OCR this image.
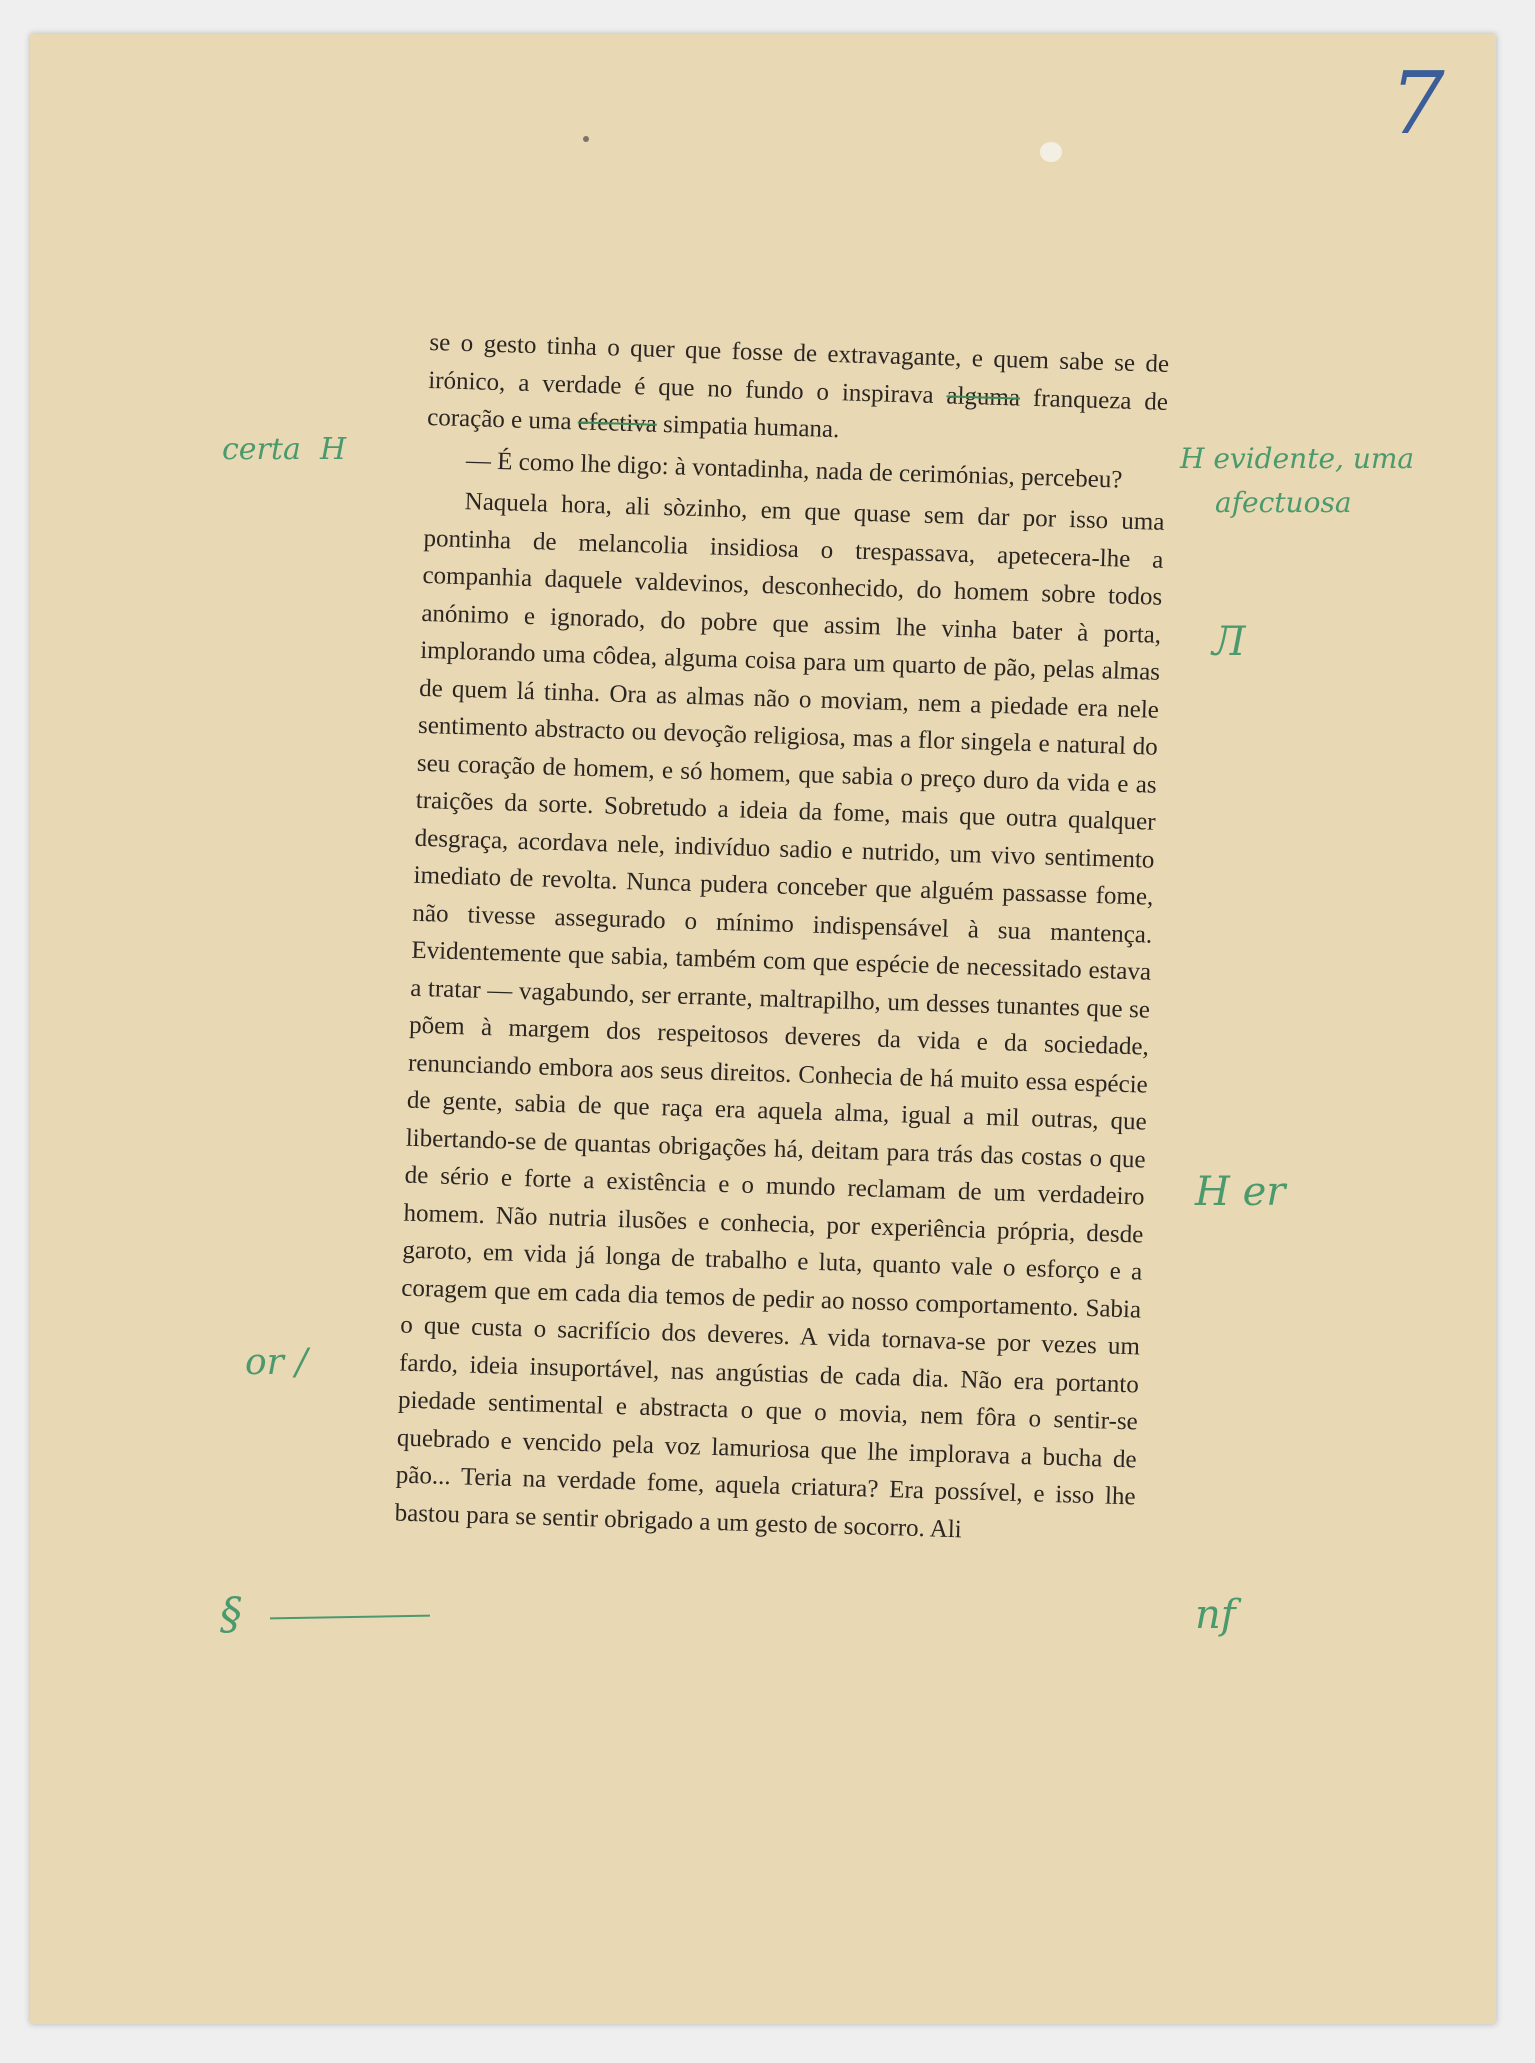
7

se o gesto tinha o quer que fosse de extravagante, e quem sabe se de irónico, a verdade é que no fundo o inspirava alguma franqueza de coração e uma efectiva simpatia humana.

— É como lhe digo: à vontadinha, nada de cerimónias, percebeu?

Naquela hora, ali sòzinho, em que quase sem dar por isso uma pontinha de melancolia insidiosa o trespassava, apetecera-lhe a companhia daquele valdevinos, desconhecido, do homem sobre todos anónimo e ignorado, do pobre que assim lhe vinha bater à porta, implorando uma côdea, alguma coisa para um quarto de pão, pelas almas de quem lá tinha. Ora as almas não o moviam, nem a piedade era nele sentimento abstracto ou devoção religiosa, mas a flor singela e natural do seu coração de homem, e só homem, que sabia o preço duro da vida e as traições da sorte. Sobretudo a ideia da fome, mais que outra qualquer desgraça, acordava nele, indivíduo sadio e nutrido, um vivo sentimento imediato de revolta. Nunca pudera conceber que alguém passasse fome, não tivesse assegurado o mínimo indispensável à sua mantença. Evidentemente que sabia, também com que espécie de necessitado estava a tratar — vagabundo, ser errante, maltrapilho, um desses tunantes que se põem à margem dos respeitosos deveres da vida e da sociedade, renunciando embora aos seus direitos. Conhecia de há muito essa espécie de gente, sabia de que raça era aquela alma, igual a mil outras, que libertando-se de quantas obrigações há, deitam para trás das costas o que de sério e forte a existência e o mundo reclamam de um verdadeiro homem. Não nutria ilusões e conhecia, por experiência própria, desde garoto, em vida já longa de trabalho e luta, quanto vale o esforço e a coragem que em cada dia temos de pedir ao nosso comportamento. Sabia o que custa o sacrifício dos deveres. A vida tornava-se por vezes um fardo, ideia insuportável, nas angústias de cada dia. Não era portanto piedade sentimental e abstracta o que o movia, nem fôra o sentir-se quebrado e vencido pela voz lamuriosa que lhe implorava a bucha de pão... Teria na verdade fome, aquela criatura? Era possível, e isso lhe bastou para se sentir obrigado a um gesto de socorro. Ali

certa H	H evidente, uma
afectuosa
Л
H er
or /
§	nf
